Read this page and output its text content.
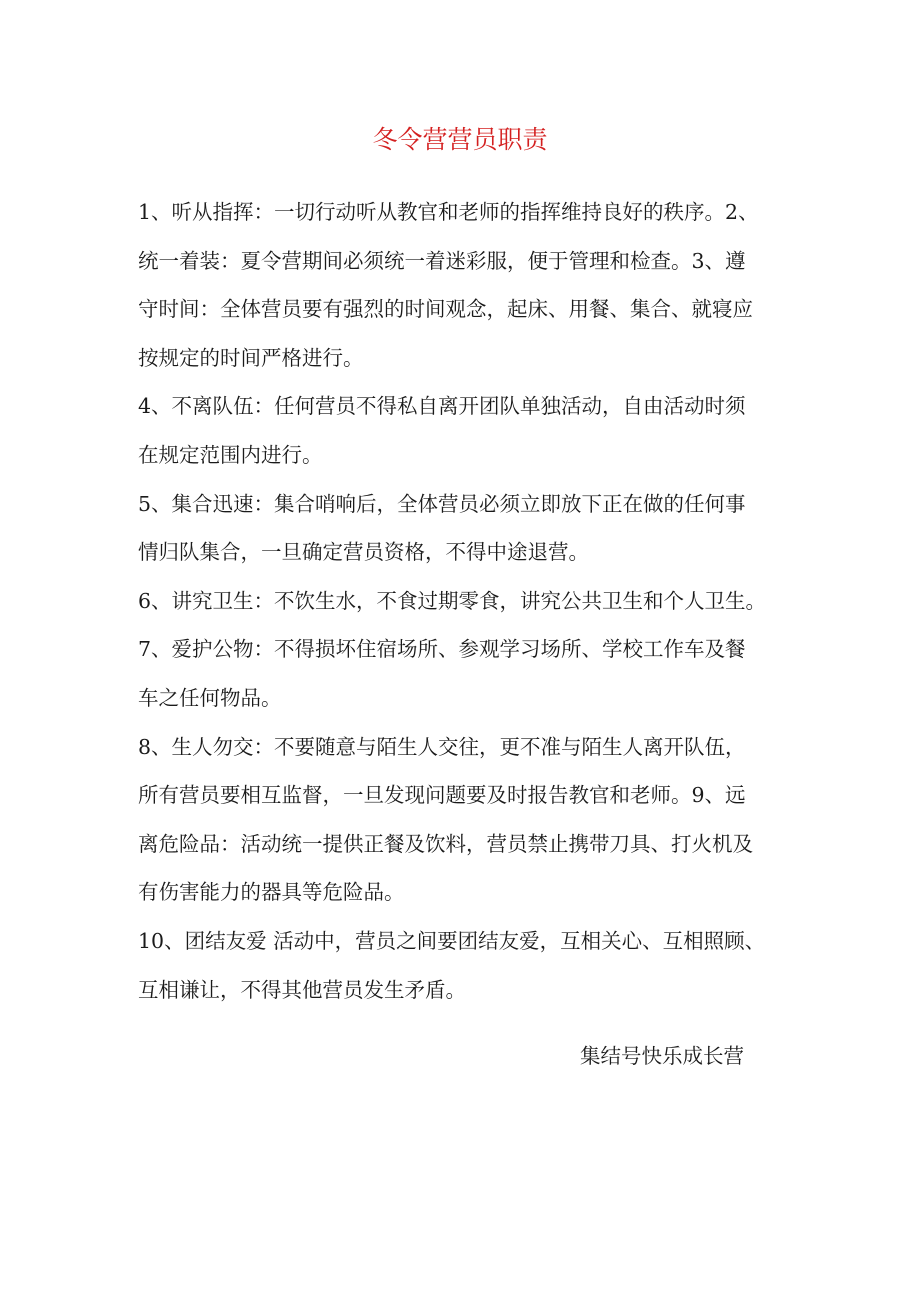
冬令营营员职责

1、听从指挥：一切行动听从教官和老师的指挥维持良好的秩序。2、
统一着装：夏令营期间必须统一着迷彩服，便于管理和检查。3、遵
守时间：全体营员要有强烈的时间观念，起床、用餐、集合、就寝应
按规定的时间严格进行。

4、不离队伍：任何营员不得私自离开团队单独活动，自由活动时须
在规定范围内进行。

5、集合迅速：集合哨响后，全体营员必须立即放下正在做的任何事
情归队集合，一旦确定营员资格，不得中途退营。

6、讲究卫生：不饮生水，不食过期零食，讲究公共卫生和个人卫生。

7、爱护公物：不得损坏住宿场所、参观学习场所、学校工作车及餐
车之任何物品。

8、生人勿交：不要随意与陌生人交往，更不准与陌生人离开队伍，
所有营员要相互监督，一旦发现问题要及时报告教官和老师。9、远
离危险品：活动统一提供正餐及饮料，营员禁止携带刀具、打火机及
有伤害能力的器具等危险品。

10、团结友爱 活动中，营员之间要团结友爱，互相关心、互相照顾、
互相谦让，不得其他营员发生矛盾。

集结号快乐成长营
